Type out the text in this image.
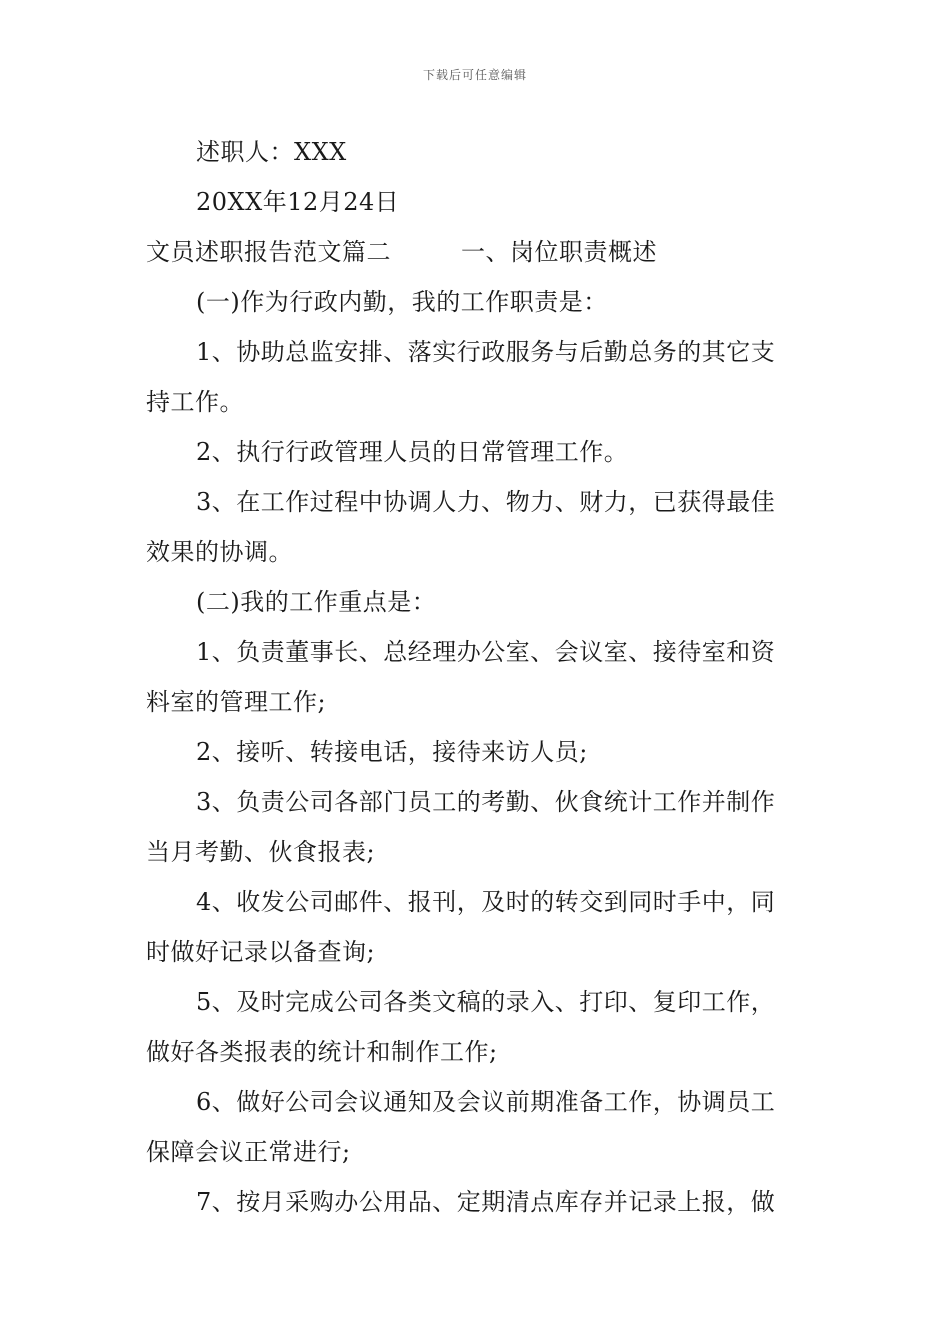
下载后可任意编辑
述职人：XXX
20XX年12月24日
文员述职报告范文篇二	一、岗位职责概述
(一)作为行政内勤，我的工作职责是：
1、协助总监安排、落实行政服务与后勤总务的其它支
持工作。
2、执行行政管理人员的日常管理工作。
3、在工作过程中协调人力、物力、财力，已获得最佳
效果的协调。
(二)我的工作重点是：
1、负责董事长、总经理办公室、会议室、接待室和资
料室的管理工作;
2、接听、转接电话，接待来访人员;
3、负责公司各部门员工的考勤、伙食统计工作并制作
当月考勤、伙食报表;
4、收发公司邮件、报刊，及时的转交到同时手中，同
时做好记录以备查询;
5、及时完成公司各类文稿的录入、打印、复印工作，
做好各类报表的统计和制作工作;
6、做好公司会议通知及会议前期准备工作，协调员工
保障会议正常进行;
7、按月采购办公用品、定期清点库存并记录上报，做
